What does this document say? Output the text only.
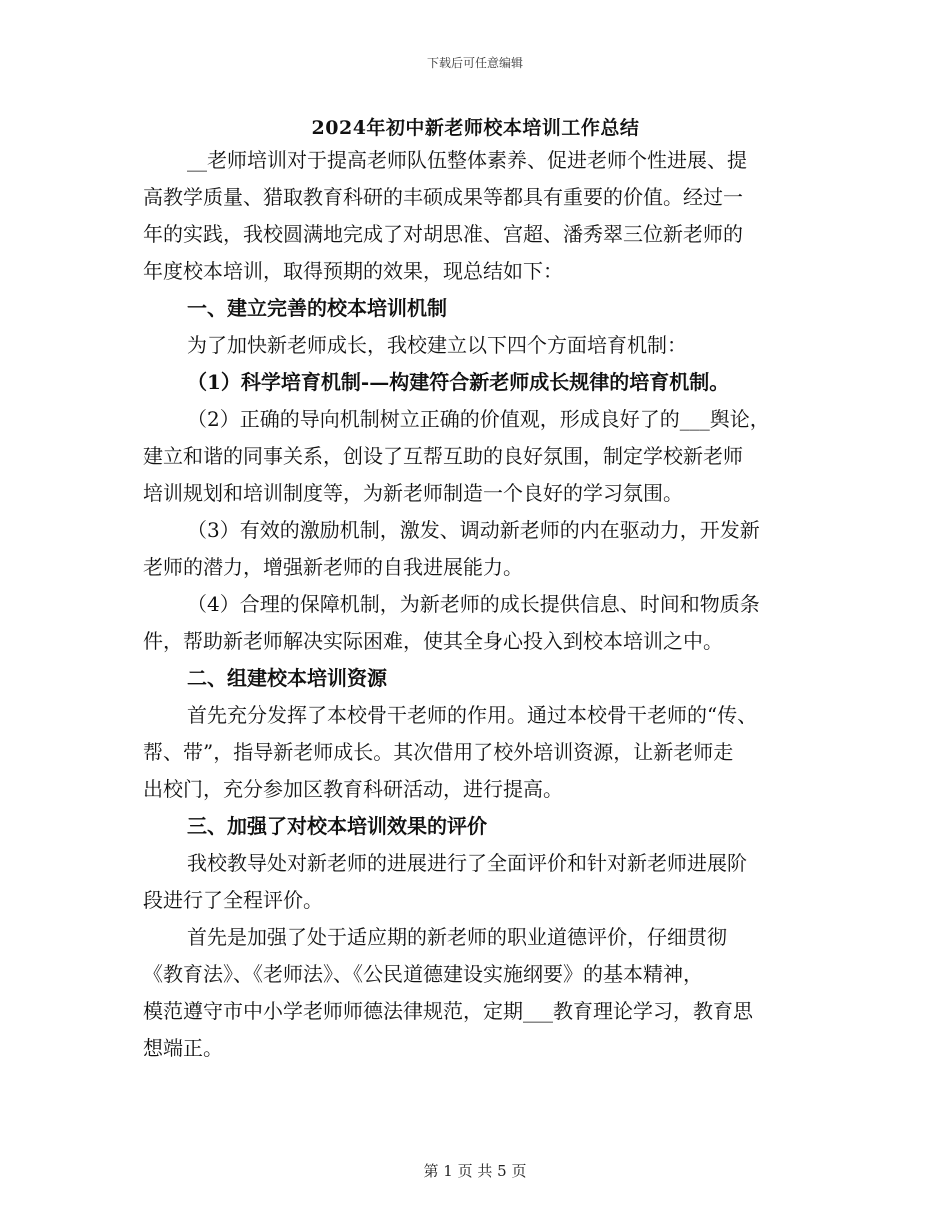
下载后可任意编辑
2024年初中新老师校本培训工作总结
__老师培训对于提高老师队伍整体素养、促进老师个性进展、提
高教学质量、猎取教育科研的丰硕成果等都具有重要的价值。经过一
年的实践，我校圆满地完成了对胡思准、宫超、潘秀翠三位新老师的
年度校本培训，取得预期的效果，现总结如下：
一、建立完善的校本培训机制
为了加快新老师成长，我校建立以下四个方面培育机制：
（1）科学培育机制-—构建符合新老师成长规律的培育机制。
（2）正确的导向机制树立正确的价值观，形成良好了的___舆论，
建立和谐的同事关系，创设了互帮互助的良好氛围，制定学校新老师
培训规划和培训制度等，为新老师制造一个良好的学习氛围。
（3）有效的激励机制，激发、调动新老师的内在驱动力，开发新
老师的潜力，增强新老师的自我进展能力。
（4）合理的保障机制，为新老师的成长提供信息、时间和物质条
件，帮助新老师解决实际困难，使其全身心投入到校本培训之中。
二、组建校本培训资源
首先充分发挥了本校骨干老师的作用。通过本校骨干老师的“传、
帮、带”，指导新老师成长。其次借用了校外培训资源，让新老师走
出校门，充分参加区教育科研活动，进行提高。
三、加强了对校本培训效果的评价
我校教导处对新老师的进展进行了全面评价和针对新老师进展阶
段进行了全程评价。
首先是加强了处于适应期的新老师的职业道德评价，仔细贯彻
《教育法》、《老师法》、《公民道德建设实施纲要》的基本精神，
模范遵守市中小学老师师德法律规范，定期___教育理论学习，教育思
想端正。
第 1 页 共 5 页
